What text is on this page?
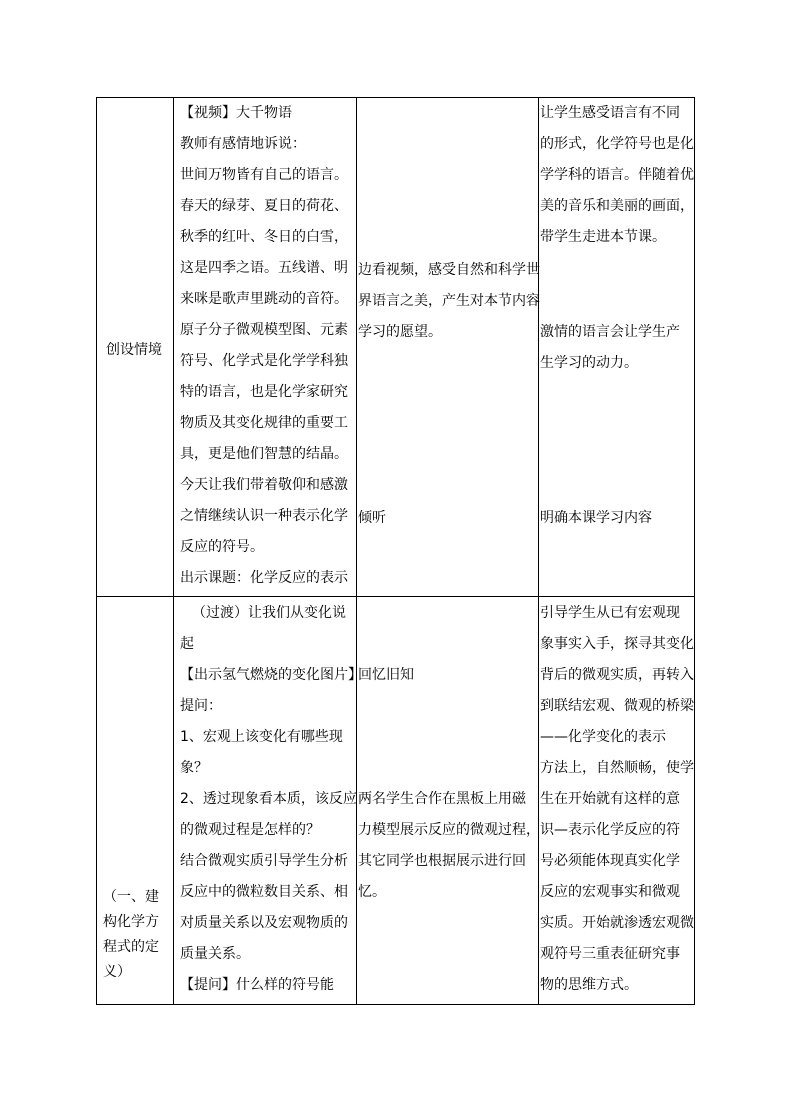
创设情境
【视频】大千物语
教师有感情地诉说：
世间万物皆有自己的语言。
春天的绿芽、夏日的荷花、
秋季的红叶、冬日的白雪，
这是四季之语。五线谱、明
来咪是歌声里跳动的音符。
原子分子微观模型图、元素
符号、化学式是化学学科独
特的语言，也是化学家研究
物质及其变化规律的重要工
具，更是他们智慧的结晶。
今天让我们带着敬仰和感激
之情继续认识一种表示化学
反应的符号。
出示课题：化学反应的表示
边看视频，感受自然和科学世
界语言之美，产生对本节内容
学习的愿望。
倾听
让学生感受语言有不同
的形式，化学符号也是化
学学科的语言。伴随着优
美的音乐和美丽的画面，
带学生走进本节课。
激情的语言会让学生产
生学习的动力。
明确本课学习内容
（一、建
构化学方
程式的定
义）
（过渡）让我们从变化说
起
【出示氢气燃烧的变化图片】
提问：
1、宏观上该变化有哪些现
象？
2、透过现象看本质，该反应
的微观过程是怎样的？
结合微观实质引导学生分析
反应中的微粒数目关系、相
对质量关系以及宏观物质的
质量关系。
【提问】什么样的符号能
回忆旧知
两名学生合作在黑板上用磁
力模型展示反应的微观过程，
其它同学也根据展示进行回
忆。
引导学生从已有宏观现
象事实入手，探寻其变化
背后的微观实质，再转入
到联结宏观、微观的桥梁
——化学变化的表示
方法上，自然顺畅，使学
生在开始就有这样的意
识—表示化学反应的符
号必须能体现真实化学
反应的宏观事实和微观
实质。开始就渗透宏观微
观符号三重表征研究事
物的思维方式。
